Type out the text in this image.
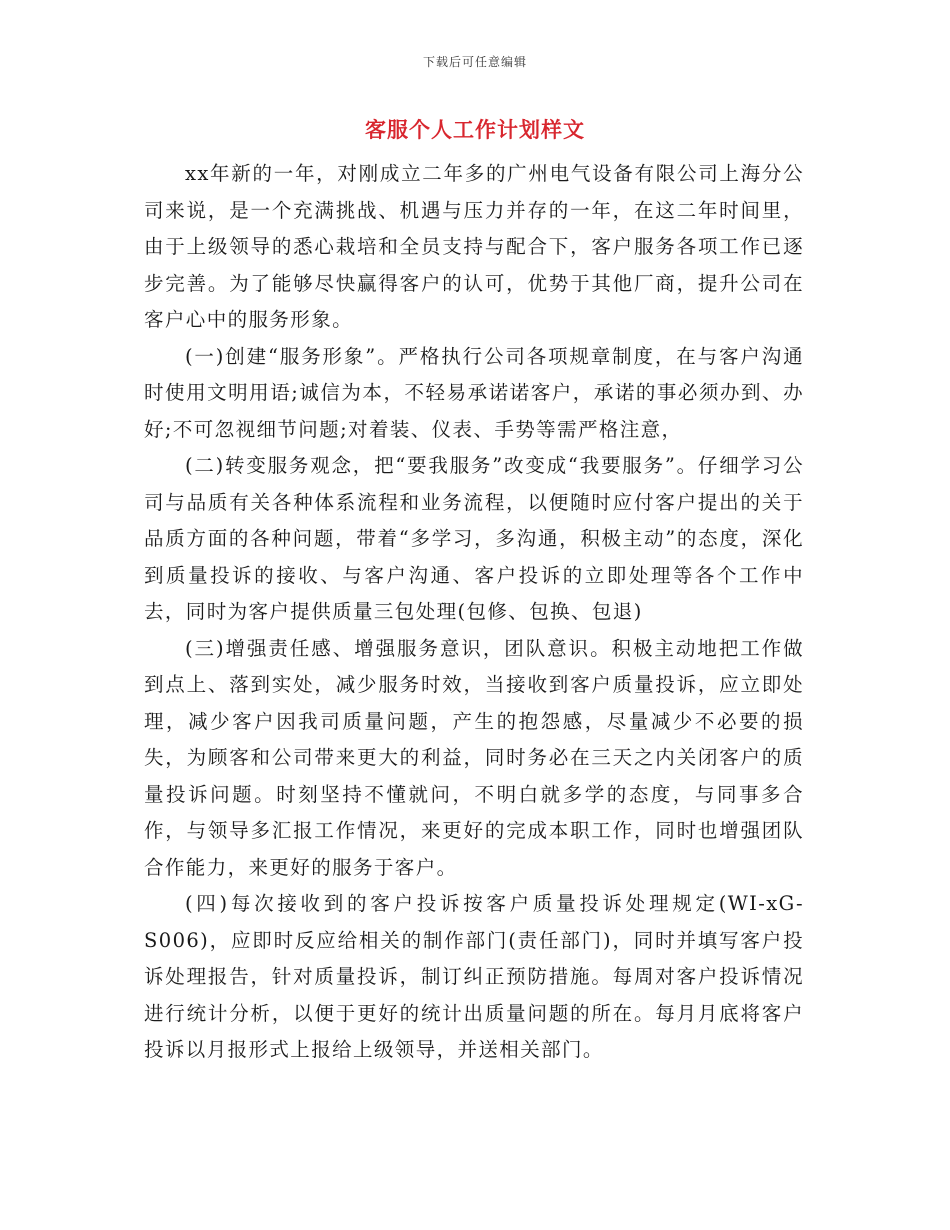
下载后可任意编辑
客服个人工作计划样文

xx年新的一年，对刚成立二年多的广州电气设备有限公司上海分公司来说，是一个充满挑战、机遇与压力并存的一年，在这二年时间里，由于上级领导的悉心栽培和全员支持与配合下，客户服务各项工作已逐步完善。为了能够尽快赢得客户的认可，优势于其他厂商，提升公司在客户心中的服务形象。

(一)创建“服务形象”。严格执行公司各项规章制度，在与客户沟通时使用文明用语;诚信为本，不轻易承诺诺客户，承诺的事必须办到、办好;不可忽视细节问题;对着装、仪表、手势等需严格注意，

(二)转变服务观念，把“要我服务”改变成“我要服务”。仔细学习公司与品质有关各种体系流程和业务流程，以便随时应付客户提出的关于品质方面的各种问题，带着“多学习，多沟通，积极主动”的态度，深化到质量投诉的接收、与客户沟通、客户投诉的立即处理等各个工作中去，同时为客户提供质量三包处理(包修、包换、包退)

(三)增强责任感、增强服务意识，团队意识。积极主动地把工作做到点上、落到实处，减少服务时效，当接收到客户质量投诉，应立即处理，减少客户因我司质量问题，产生的抱怨感，尽量减少不必要的损失，为顾客和公司带来更大的利益，同时务必在三天之内关闭客户的质量投诉问题。时刻坚持不懂就问，不明白就多学的态度，与同事多合作，与领导多汇报工作情况，来更好的完成本职工作，同时也增强团队合作能力，来更好的服务于客户。

(四)每次接收到的客户投诉按客户质量投诉处理规定(WI-xG-S006)，应即时反应给相关的制作部门(责任部门)，同时并填写客户投诉处理报告，针对质量投诉，制订纠正预防措施。每周对客户投诉情况进行统计分析，以便于更好的统计出质量问题的所在。每月月底将客户投诉以月报形式上报给上级领导，并送相关部门。
